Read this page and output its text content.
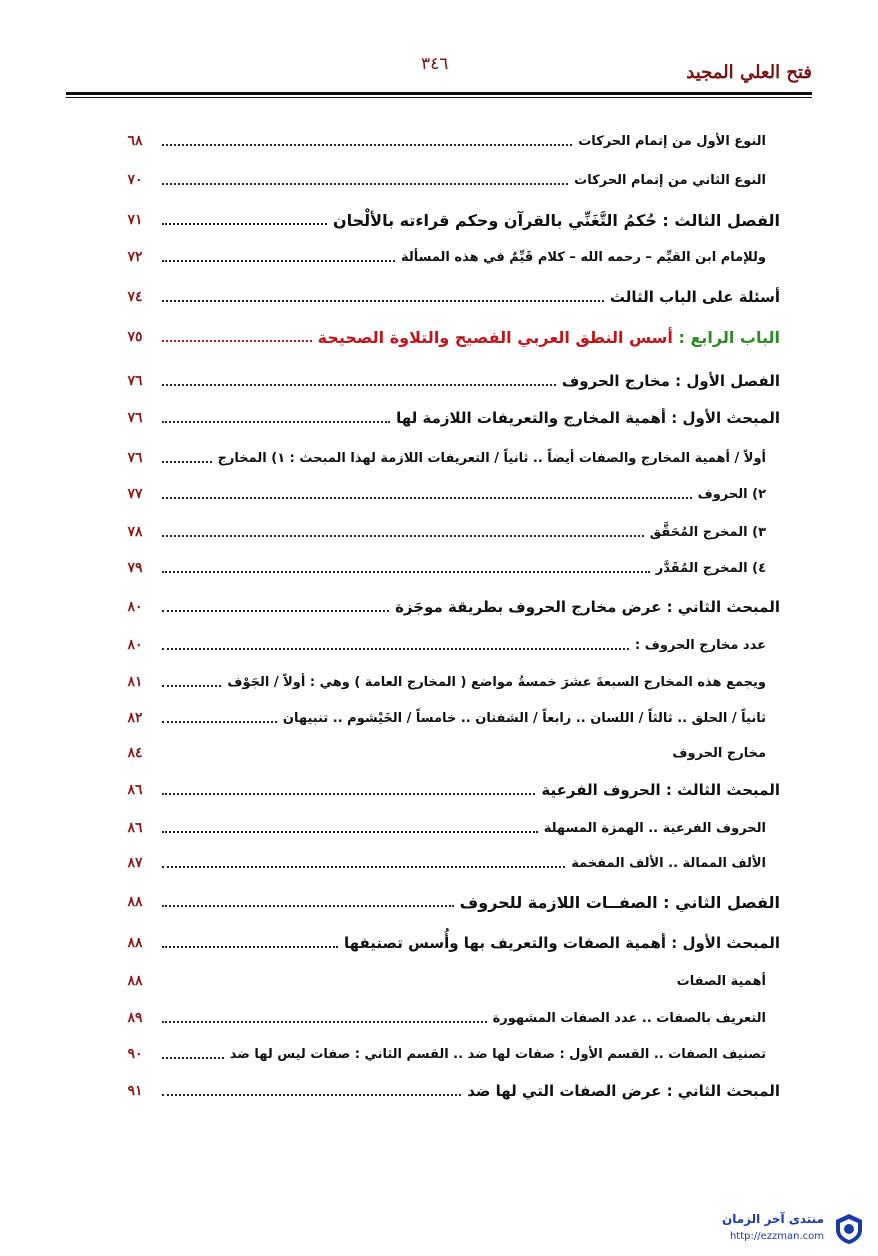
فتح العلي المجيد
٣٤٦
النوع الأول من إتمام الحركات
٦٨
النوع الثاني من إتمام الحركات
٧٠
الفصل الثالث : حُكمُ التَّغَنِّي بالقرآن وحكم قراءته بالألْحان
٧١
وللإمام ابن القيِّم – رحمه الله – كلام قَيِّمٌ في هذه المسألة
٧٢
أسئلة على الباب الثالث
٧٤
الباب الرابع : أسس النطق العربي الفصيح والتلاوة الصحيحة
٧٥
الفصل الأول : مخارج الحروف
٧٦
المبحث الأول : أهمية المخارج والتعريفات اللازمة لها
٧٦
أولاً / أهمية المخارج والصفات أيضاً .. ثانياً / التعريفات اللازمة لهذا المبحث : ١) المخارج
٧٦
٢) الحروف
٧٧
٣) المخرج المُحَقَّق
٧٨
٤) المخرج المُقَدَّر
٧٩
المبحث الثاني : عرض مخارج الحروف بطريقة موجَزة
٨٠
عدد مخارج الحروف :
٨٠
ويجمع هذه المخارج السبعةَ عشرَ خمسةُ مواضع ( المخارج العامة ) وهي : أولاً / الجَوْف
٨١
ثانياً / الحلق .. ثالثاً / اللسان .. رابعاً / الشفتان .. خامساً / الخَيْشوم .. تنبيهان
٨٢
مخارج الحروف
٨٤
المبحث الثالث : الحروف الفرعية
٨٦
الحروف الفرعية .. الهمزة المسهلة
٨٦
الألف الممالة .. الألف المفخمة
٨٧
الفصل الثاني : الصفــات اللازمة للحروف
٨٨
المبحث الأول : أهمية الصفات والتعريف بها وأُسس تصنيفها
٨٨
أهمية الصفات
٨٨
التعريف بالصفات .. عدد الصفات المشهورة
٨٩
تصنيف الصفات .. القسم الأول : صفات لها ضد .. القسم الثاني : صفات ليس لها ضد
٩٠
المبحث الثاني : عرض الصفات التي لها ضد
٩١
منتدى آخر الزمان
http://ezzman.com
